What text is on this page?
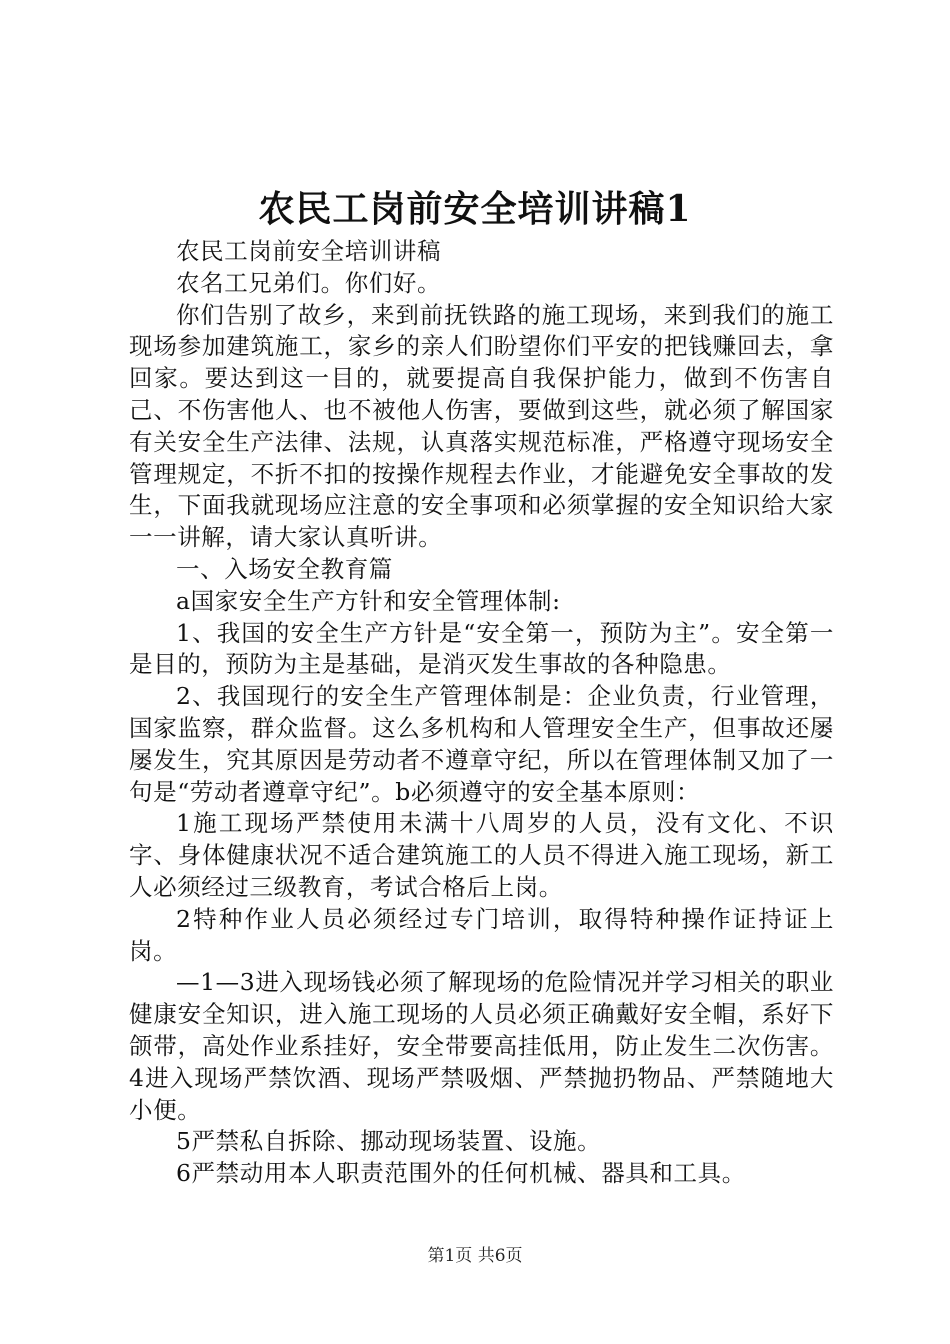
农民工岗前安全培训讲稿1

农民工岗前安全培训讲稿

农名工兄弟们。你们好。

你们告别了故乡，来到前抚铁路的施工现场，来到我们的施工现场参加建筑施工，家乡的亲人们盼望你们平安的把钱赚回去，拿回家。要达到这一目的，就要提高自我保护能力，做到不伤害自己、不伤害他人、也不被他人伤害，要做到这些，就必须了解国家有关安全生产法律、法规，认真落实规范标准，严格遵守现场安全管理规定，不折不扣的按操作规程去作业，才能避免安全事故的发生，下面我就现场应注意的安全事项和必须掌握的安全知识给大家一一讲解，请大家认真听讲。

一、入场安全教育篇

a国家安全生产方针和安全管理体制:

1、我国的安全生产方针是“安全第一，预防为主”。安全第一是目的，预防为主是基础，是消灭发生事故的各种隐患。

2、我国现行的安全生产管理体制是：企业负责，行业管理，国家监察，群众监督。这么多机构和人管理安全生产，但事故还屡屡发生，究其原因是劳动者不遵章守纪，所以在管理体制又加了一句是“劳动者遵章守纪”。b必须遵守的安全基本原则：

1施工现场严禁使用未满十八周岁的人员，没有文化、不识字、身体健康状况不适合建筑施工的人员不得进入施工现场，新工人必须经过三级教育，考试合格后上岗。

2特种作业人员必须经过专门培训，取得特种操作证持证上岗。

—1—3进入现场钱必须了解现场的危险情况并学习相关的职业健康安全知识，进入施工现场的人员必须正确戴好安全帽，系好下颌带，高处作业系挂好，安全带要高挂低用，防止发生二次伤害。4进入现场严禁饮酒、现场严禁吸烟、严禁抛扔物品、严禁随地大小便。

5严禁私自拆除、挪动现场装置、设施。

6严禁动用本人职责范围外的任何机械、器具和工具。

第1页 共6页
